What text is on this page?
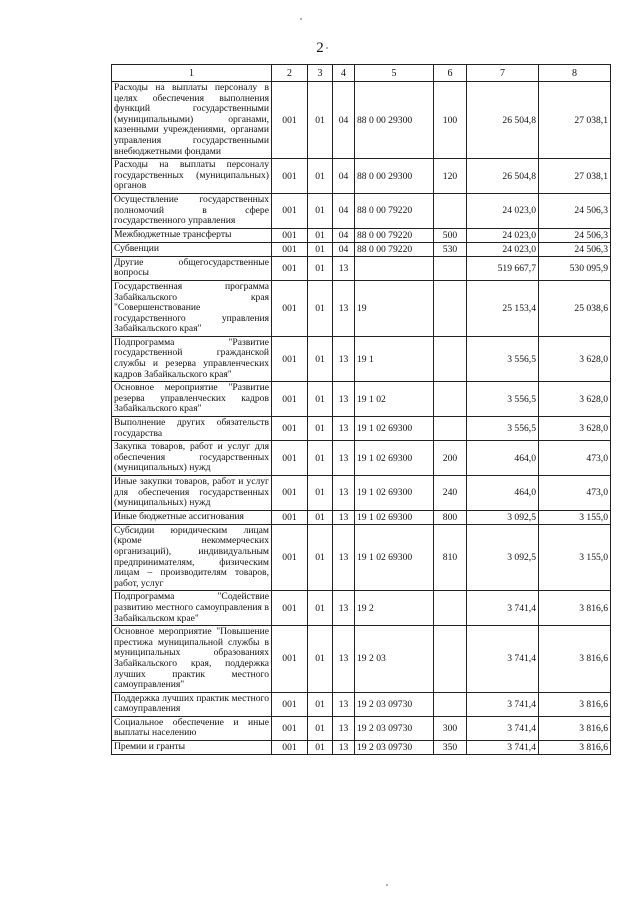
2
1	2	3	4	5	6	7	8
Расходы на выплаты персоналу в целях обеспечения выполнения функций государственными (муниципальными) органами, казенными учреждениями, органами управления государственными внебюджетными фондами	001	01	04	88 0 00 29300	100	26 504,8	27 038,1
Расходы на выплаты персоналу государственных (муниципальных) органов	001	01	04	88 0 00 29300	120	26 504,8	27 038,1
Осуществление государственных полномочий в сфере государственного управления	001	01	04	88 0 00 79220		24 023,0	24 506,3
Межбюджетные трансферты	001	01	04	88 0 00 79220	500	24 023,0	24 506,3
Субвенции	001	01	04	88 0 00 79220	530	24 023,0	24 506,3
Другие общегосударственные вопросы	001	01	13			519 667,7	530 095,9
Государственная программа Забайкальского края "Совершенствование государственного управления Забайкальского края"	001	01	13	19		25 153,4	25 038,6
Подпрограмма "Развитие государственной гражданской службы и резерва управленческих кадров Забайкальского края"	001	01	13	19 1		3 556,5	3 628,0
Основное мероприятие "Развитие резерва управленческих кадров Забайкальского края"	001	01	13	19 1 02		3 556,5	3 628,0
Выполнение других обязательств государства	001	01	13	19 1 02 69300		3 556,5	3 628,0
Закупка товаров, работ и услуг для обеспечения государственных (муниципальных) нужд	001	01	13	19 1 02 69300	200	464,0	473,0
Иные закупки товаров, работ и услуг для обеспечения государственных (муниципальных) нужд	001	01	13	19 1 02 69300	240	464,0	473,0
Иные бюджетные ассигнования	001	01	13	19 1 02 69300	800	3 092,5	3 155,0
Субсидии юридическим лицам (кроме некоммерческих организаций), индивидуальным предпринимателям, физическим лицам – производителям товаров, работ, услуг	001	01	13	19 1 02 69300	810	3 092,5	3 155,0
Подпрограмма "Содействие развитию местного самоуправления в Забайкальском крае"	001	01	13	19 2		3 741,4	3 816,6
Основное мероприятие "Повышение престижа муниципальной службы в муниципальных образованиях Забайкальского края, поддержка лучших практик местного самоуправления"	001	01	13	19 2 03		3 741,4	3 816,6
Поддержка лучших практик местного самоуправления	001	01	13	19 2 03 09730		3 741,4	3 816,6
Социальное обеспечение и иные выплаты населению	001	01	13	19 2 03 09730	300	3 741,4	3 816,6
Премии и гранты	001	01	13	19 2 03 09730	350	3 741,4	3 816,6
